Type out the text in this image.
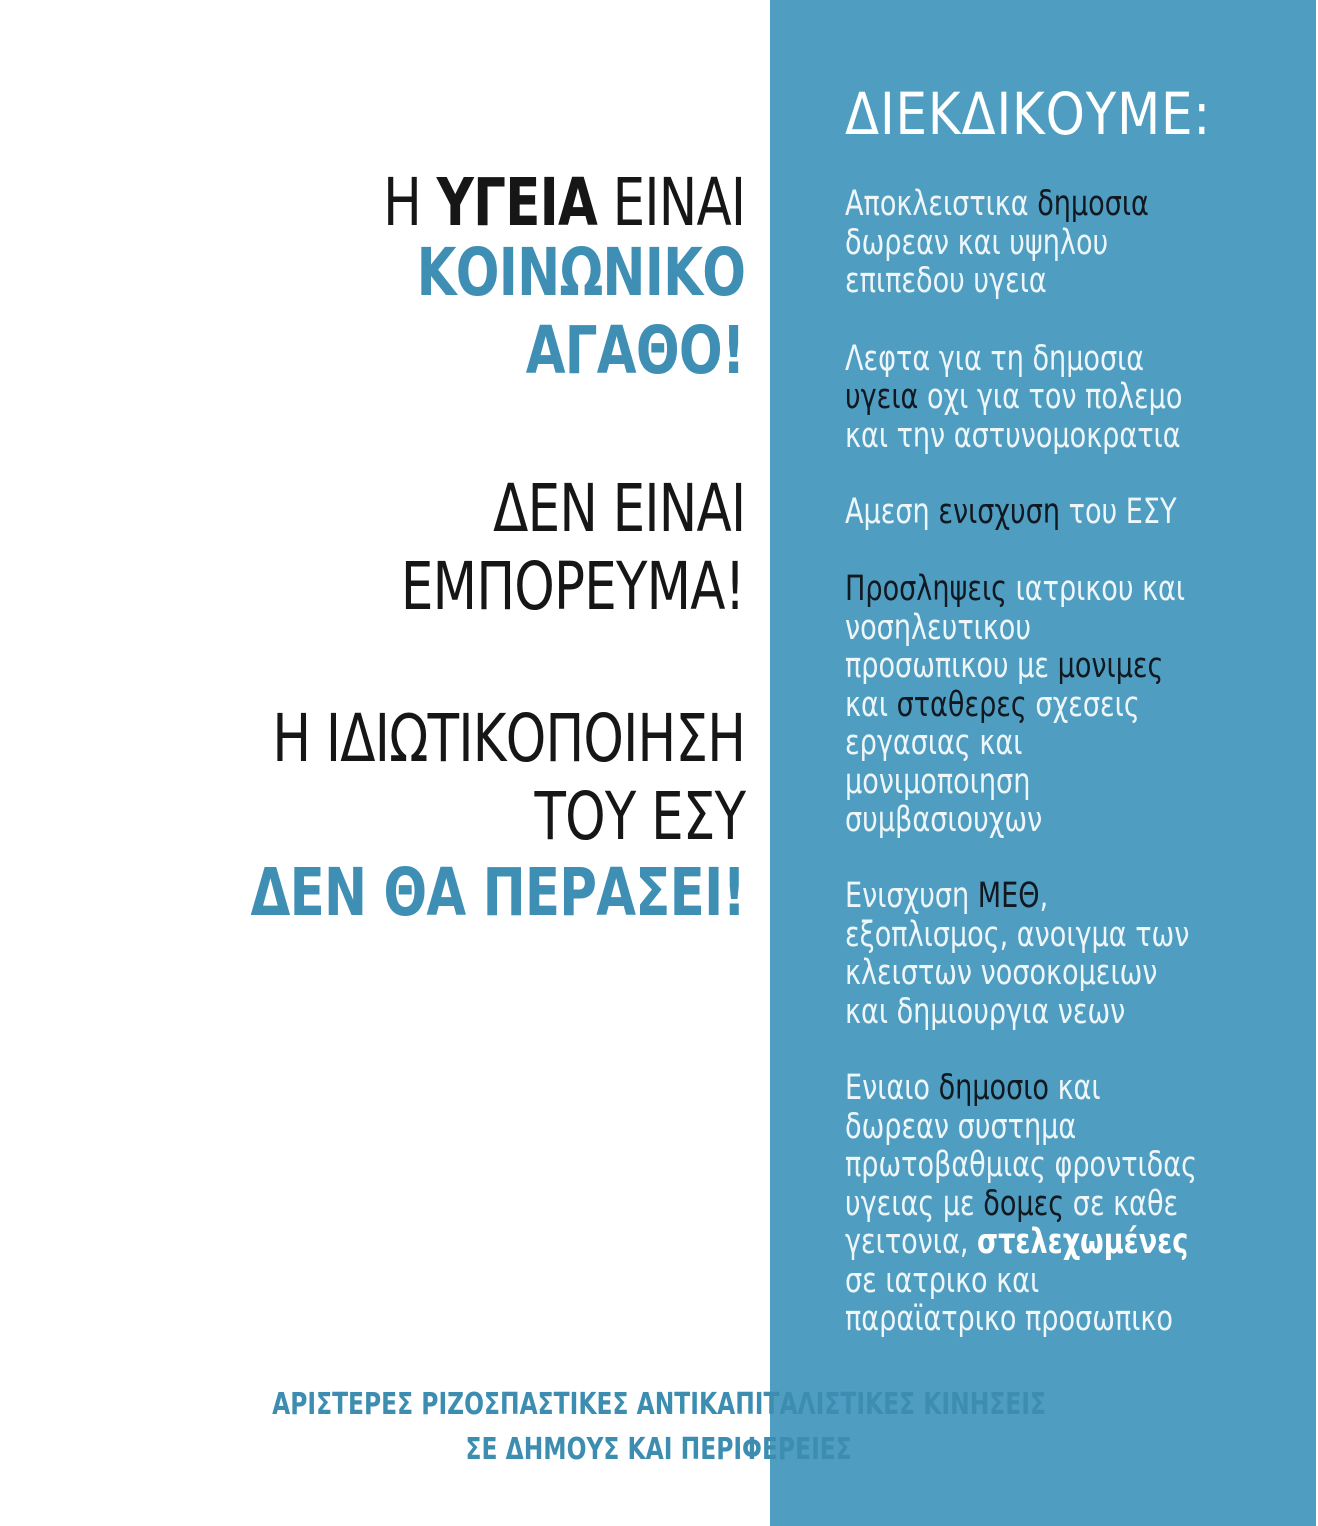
Η ΥΓΕΙΑ ΕΙΝΑΙ
ΚΟΙΝΩΝΙΚΟ
ΑΓΑΘΟ!
ΔΕΝ ΕΙΝΑΙ
ΕΜΠΟΡΕΥΜΑ!
Η ΙΔΙΩΤΙΚΟΠΟΙΗΣΗ
ΤΟΥ ΕΣΥ
ΔΕΝ ΘΑ ΠΕΡΑΣΕΙ!
ΔΙΕΚΔΙΚΟΥΜΕ:
Αποκλειστικα δημοσια
δωρεαν και υψηλου
επιπεδου υγεια
Λεφτα για τη δημοσια
υγεια οχι για τον πολεμο
και την αστυνομοκρατια
Αμεση ενισχυση του ΕΣΥ
Προσληψεις ιατρικου και
νοσηλευτικου
προσωπικου με μονιμες
και σταθερες σχεσεις
εργασιας και
μονιμοποιηση
συμβασιουχων
Ενισχυση ΜΕΘ,
εξοπλισμος, ανοιγμα των
κλειστων νοσοκομειων
και δημιουργια νεων
Ενιαιο δημοσιο και
δωρεαν συστημα
πρωτοβαθμιας φροντιδας
υγειας με δομες σε καθε
γειτονια, στελεχωμένες
σε ιατρικο και
παραϊατρικο προσωπικο
ΑΡΙΣΤΕΡΕΣ ΡΙΖΟΣΠΑΣΤΙΚΕΣ ΑΝΤΙΚΑΠΙΤΑΛΙΣΤΙΚΕΣ ΚΙΝΗΣΕΙΣ
ΣΕ ΔΗΜΟΥΣ ΚΑΙ ΠΕΡΙΦΕΡΕΙΕΣ
